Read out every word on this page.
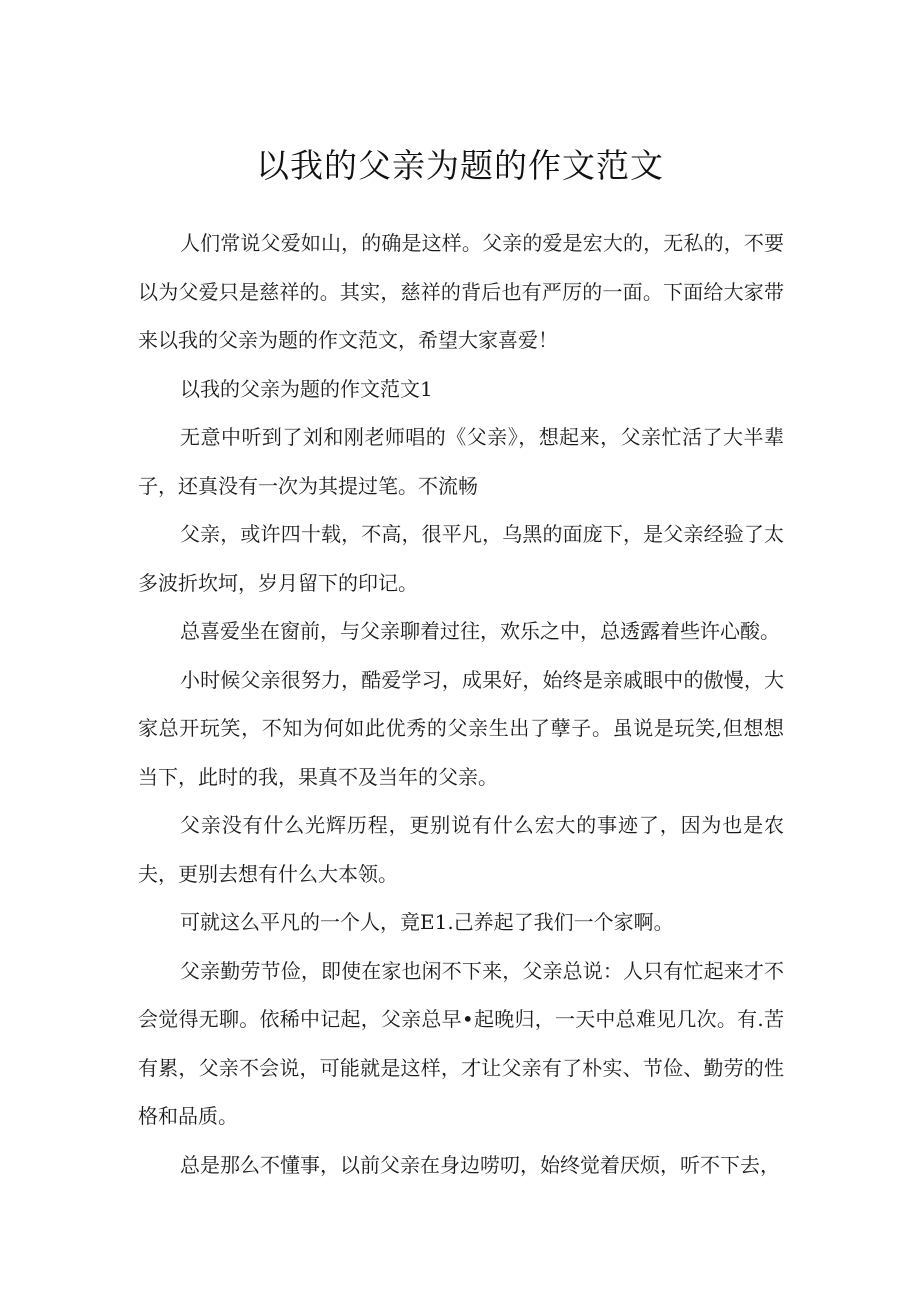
以我的父亲为题的作文范文

人们常说父爱如山，的确是这样。父亲的爱是宏大的，无私的，不要以为父爱只是慈祥的。其实，慈祥的背后也有严厉的一面。下面给大家带来以我的父亲为题的作文范文，希望大家喜爱！

以我的父亲为题的作文范文1

无意中听到了刘和刚老师唱的《父亲》，想起来，父亲忙活了大半辈子，还真没有一次为其提过笔。不流畅

父亲，或许四十载，不高，很平凡，乌黑的面庞下，是父亲经验了太多波折坎坷，岁月留下的印记。

总喜爱坐在窗前，与父亲聊着过往，欢乐之中，总透露着些许心酸。

小时候父亲很努力，酷爱学习，成果好，始终是亲戚眼中的傲慢，大家总开玩笑，不知为何如此优秀的父亲生出了孽子。虽说是玩笑,但想想当下，此时的我，果真不及当年的父亲。

父亲没有什么光辉历程，更别说有什么宏大的事迹了，因为也是农夫，更别去想有什么大本领。

可就这么平凡的一个人，竟E1.己养起了我们一个家啊。

父亲勤劳节俭，即使在家也闲不下来，父亲总说：人只有忙起来才不会觉得无聊。依稀中记起，父亲总早•起晚归，一天中总难见几次。有.苦有累，父亲不会说，可能就是这样，才让父亲有了朴实、节俭、勤劳的性格和品质。

总是那么不懂事，以前父亲在身边唠叨，始终觉着厌烦，听不下去，
